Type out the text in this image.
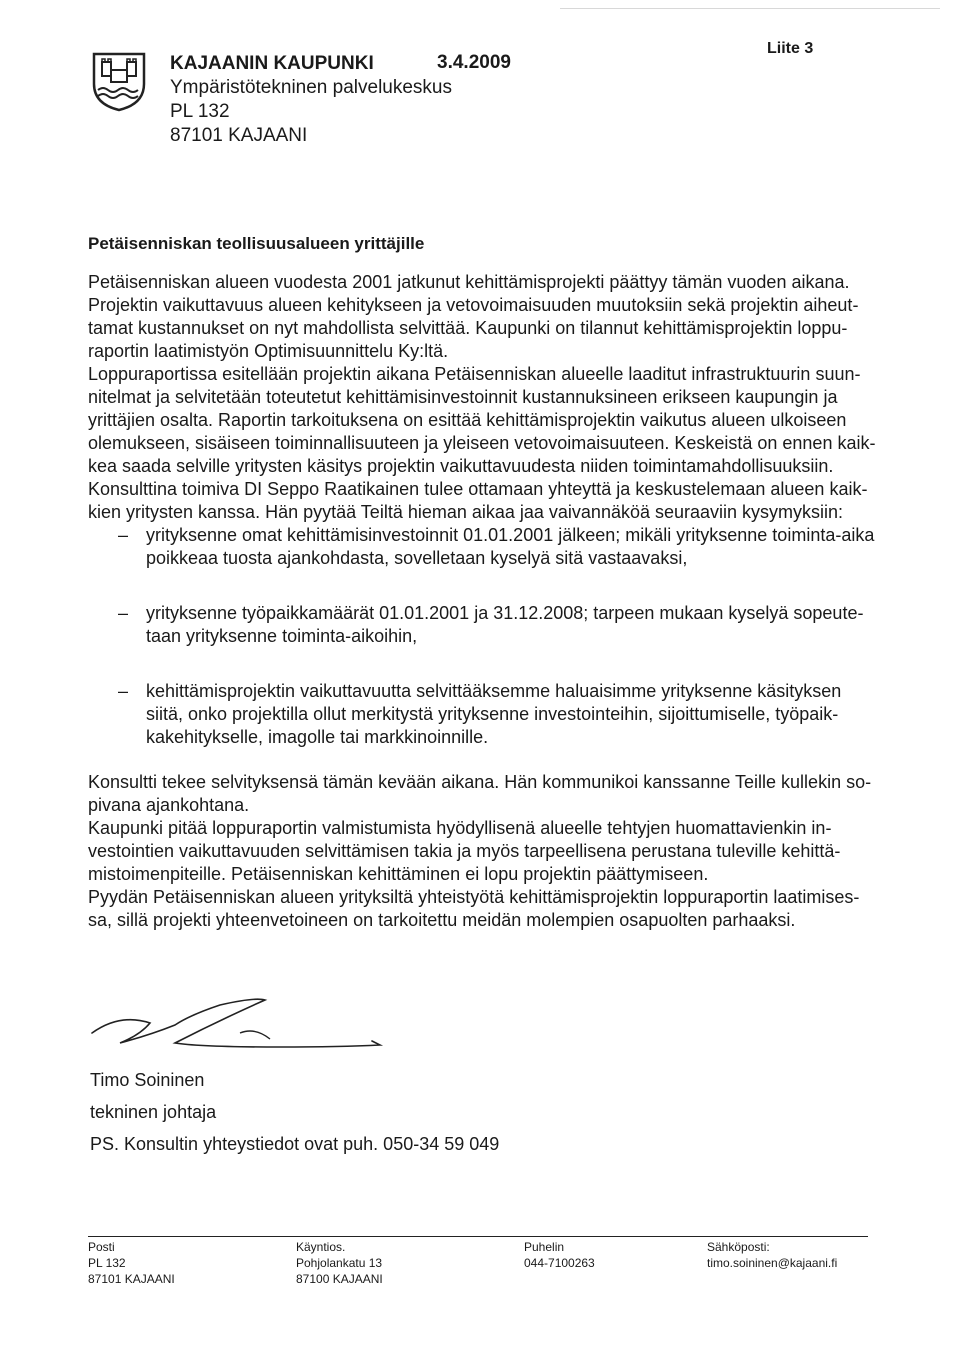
KAJAANIN KAUPUNKI	3.4.2009
Ympäristötekninen palvelukeskus
PL 132
87101 KAJAANI
Liite 3
Petäisenniskan teollisuusalueen yrittäjille

Petäisenniskan alueen vuodesta 2001 jatkunut kehittämisprojekti päättyy tämän vuoden aikana. Projektin vaikuttavuus alueen kehitykseen ja vetovoimaisuuden muutoksiin sekä projektin aiheut-tamat kustannukset on nyt mahdollista selvittää. Kaupunki on tilannut kehittämisprojektin loppu-raportin laatimistyön Optimisuunnittelu Ky:ltä.

Loppuraportissa esitellään projektin aikana Petäisenniskan alueelle laaditut infrastruktuurin suun-nitelmat ja selvitetään toteutetut kehittämisinvestoinnit kustannuksineen erikseen kaupungin ja yrittäjien osalta. Raportin tarkoituksena on esittää kehittämisprojektin vaikutus alueen ulkoiseen olemukseen, sisäiseen toiminnallisuuteen ja yleiseen vetovoimaisuuteen. Keskeistä on ennen kaik-kea saada selville yritysten käsitys projektin vaikuttavuudesta niiden toimintamahdollisuuksiin.

Konsulttina toimiva DI Seppo Raatikainen tulee ottamaan yhteyttä ja keskustelemaan alueen kaik-kien yritysten kanssa. Hän pyytää Teiltä hieman aikaa jaa vaivannäköä seuraaviin kysymyksiin:

– yrityksenne omat kehittämisinvestoinnit 01.01.2001 jälkeen; mikäli yrityksenne toiminta-aika poikkeaa tuosta ajankohdasta, sovelletaan kyselyä sitä vastaavaksi,
– yrityksenne työpaikkamäärät 01.01.2001 ja 31.12.2008; tarpeen mukaan kyselyä sopeute-taan yrityksenne toiminta-aikoihin,
– kehittämisprojektin vaikuttavuutta selvittääksemme haluaisimme yrityksenne käsityksen siitä, onko projektilla ollut merkitystä yrityksenne investointeihin, sijoittumiselle, työpaik-kakehitykselle, imagolle tai markkinoinnille.

Konsultti tekee selvityksensä tämän kevään aikana. Hän kommunikoi kanssanne Teille kullekin so-pivana ajankohtana.

Kaupunki pitää loppuraportin valmistumista hyödyllisenä alueelle tehtyjen huomattavienkin in-vestointien vaikuttavuuden selvittämisen takia ja myös tarpeellisena perustana tuleville kehittä-mistoimenpiteille. Petäisenniskan kehittäminen ei lopu projektin päättymiseen.

Pyydän Petäisenniskan alueen yrityksiltä yhteistyötä kehittämisprojektin loppuraportin laatimises-sa, sillä projekti yhteenvetoineen on tarkoitettu meidän molempien osapuolten parhaaksi.

Timo Soininen
tekninen johtaja
PS. Konsultin yhteystiedot ovat puh. 050-34 59 049
Posti
PL 132
87101 KAJAANI
Käyntios.
Pohjolankatu 13
87100 KAJAANI
Puhelin
044-7100263
Sähköposti:
timo.soininen@kajaani.fi
